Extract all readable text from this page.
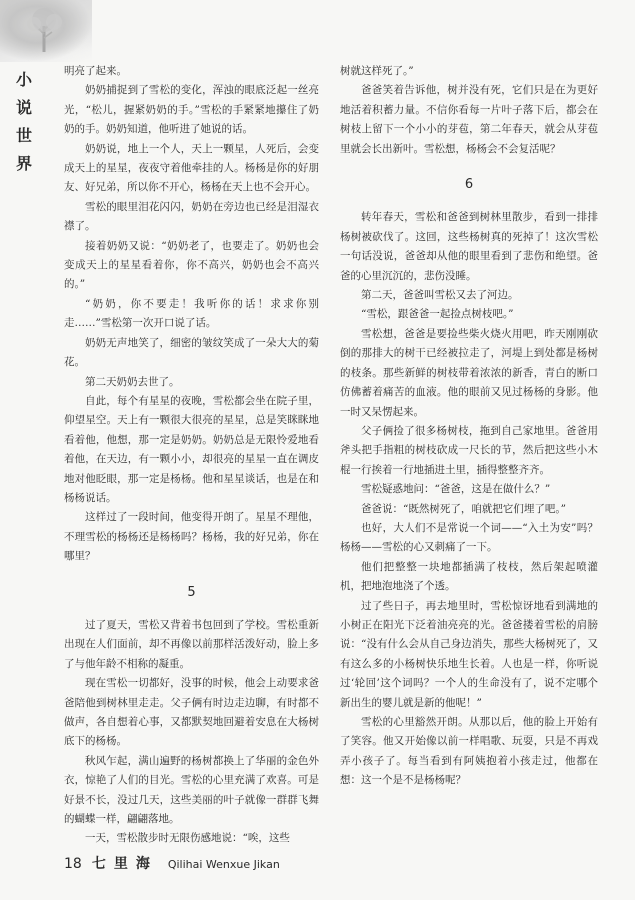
小说世界

明亮了起来。

奶奶捕捉到了雪松的变化，浑浊的眼底泛起一丝亮光，“松儿，握紧奶奶的手。”雪松的手紧紧地攥住了奶奶的手。奶奶知道，他听进了她说的话。

奶奶说，地上一个人，天上一颗星，人死后，会变成天上的星星，夜夜守着他牵挂的人。杨杨是你的好朋友、好兄弟，所以你不开心，杨杨在天上也不会开心。

雪松的眼里泪花闪闪，奶奶在旁边也已经是泪湿衣襟了。

接着奶奶又说：“奶奶老了，也要走了。奶奶也会变成天上的星星看着你，你不高兴，奶奶也会不高兴的。”

“奶奶，你不要走！我听你的话！求求你别走……”雪松第一次开口说了话。

奶奶无声地笑了，细密的皱纹笑成了一朵大大的菊花。

第二天奶奶去世了。

自此，每个有星星的夜晚，雪松都会坐在院子里，仰望星空。天上有一颗很大很亮的星星，总是笑眯眯地看着他，他想，那一定是奶奶。奶奶总是无限怜爱地看着他，在天边，有一颗小小，却很亮的星星一直在调皮地对他眨眼，那一定是杨杨。他和星星谈话，也是在和杨杨说话。

这样过了一段时间，他变得开朗了。星星不理他，不理雪松的杨杨还是杨杨吗？杨杨，我的好兄弟，你在哪里？

5

过了夏天，雪松又背着书包回到了学校。雪松重新出现在人们面前，却不再像以前那样活泼好动，脸上多了与他年龄不相称的凝重。

现在雪松一切都好，没事的时候，他会上动要求爸爸陪他到树林里走走。父子俩有时边走边聊，有时都不做声，各自想着心事，又都默契地回避着安息在大杨树底下的杨杨。

秋风乍起，满山遍野的杨树都换上了华丽的金色外衣，惊艳了人们的目光。雪松的心里充满了欢喜。可是好景不长，没过几天，这些美丽的叶子就像一群群飞舞的蝴蝶一样，翩翩落地。

一天，雪松散步时无限伤感地说：“唉，这些

树就这样死了。”

爸爸笑着告诉他，树并没有死，它们只是在为更好地活着积蓄力量。不信你看每一片叶子落下后，都会在树枝上留下一个小小的芽苞，第二年春天，就会从芽苞里就会长出新叶。雪松想，杨杨会不会复活呢？

6

转年春天，雪松和爸爸到树林里散步，看到一排排杨树被砍伐了。这回，这些杨树真的死掉了！这次雪松一句话没说，爸爸却从他的眼里看到了悲伤和绝望。爸爸的心里沉沉的，悲伤没睡。

第二天，爸爸叫雪松又去了河边。

“雪松，跟爸爸一起捡点树枝吧。”

雪松想，爸爸是要捡些柴火烧火用吧，昨天刚刚砍倒的那排大的树干已经被拉走了，河堤上到处都是杨树的枝条。那些新鲜的树枝带着浓浓的新香，青白的断口仿佛蓄着痛苦的血液。他的眼前又见过杨杨的身影。他一时又呆愣起来。

父子俩捡了很多杨树枝，拖到自己家地里。爸爸用斧头把手指粗的树枝砍成一尺长的节，然后把这些小木棍一行挨着一行地插进土里，插得整整齐齐。

雪松疑惑地问：“爸爸，这是在做什么？”

爸爸说：“既然树死了，咱就把它们埋了吧。”

也好，大人们不是常说一个词——“入土为安”吗？杨杨——雪松的心又刺痛了一下。

他们把整整一块地都插满了枝枝，然后架起喷灌机，把地泡地浇了个透。

过了些日子，再去地里时，雪松惊讶地看到满地的小树正在阳光下泛着油亮亮的光。爸爸搂着雪松的肩膀说：“没有什么会从自己身边消失，那些大杨树死了，又有这么多的小杨树快乐地生长着。人也是一样，你听说过‘轮回’这个词吗？一个人的生命没有了，说不定哪个新出生的婴儿就是新的他呢！”

雪松的心里豁然开朗。从那以后，他的脸上开始有了笑容。他又开始像以前一样唱歌、玩耍，只是不再戏弄小孩子了。每当看到有阿姨抱着小孩走过，他都在想：这一个是不是杨杨呢？

18 七里海 Qilihai Wenxue Jikan
